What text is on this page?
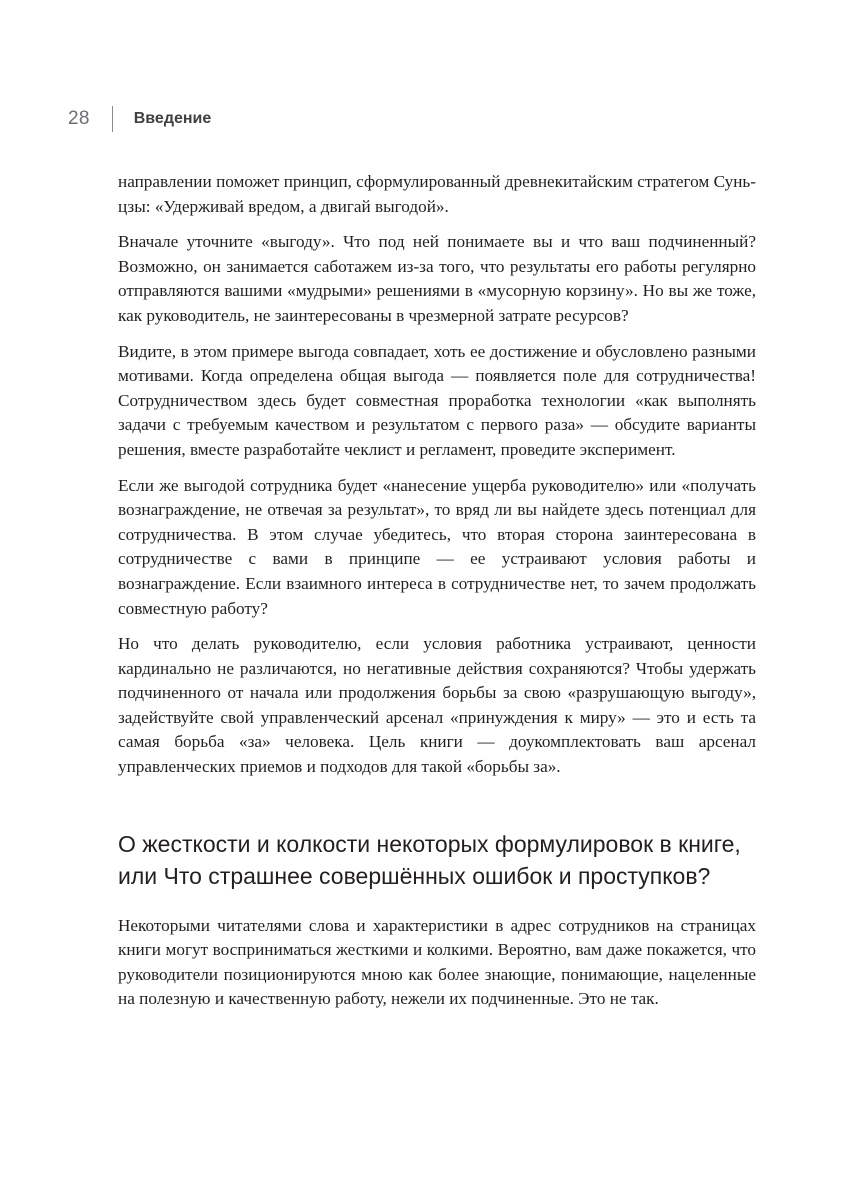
28	Введение

направлении поможет принцип, сформулированный древнекитайским стратегом Сунь-цзы: «Удерживай вредом, а двигай выгодой».

Вначале уточните «выгоду». Что под ней понимаете вы и что ваш подчиненный? Возможно, он занимается саботажем из-за того, что результаты его работы регулярно отправляются вашими «мудрыми» решениями в «мусорную корзину». Но вы же тоже, как руководитель, не заинтересованы в чрезмерной затрате ресурсов?

Видите, в этом примере выгода совпадает, хоть ее достижение и обусловлено разными мотивами. Когда определена общая выгода — появляется поле для сотрудничества! Сотрудничеством здесь будет совместная проработка технологии «как выполнять задачи с требуемым качеством и результатом с первого раза» — обсудите варианты решения, вместе разработайте чеклист и регламент, проведите эксперимент.

Если же выгодой сотрудника будет «нанесение ущерба руководителю» или «получать вознаграждение, не отвечая за результат», то вряд ли вы найдете здесь потенциал для сотрудничества. В этом случае убедитесь, что вторая сторона заинтересована в сотрудничестве с вами в принципе — ее устраивают условия работы и вознаграждение. Если взаимного интереса в сотрудничестве нет, то зачем продолжать совместную работу?

Но что делать руководителю, если условия работника устраивают, ценности кардинально не различаются, но негативные действия сохраняются? Чтобы удержать подчиненного от начала или продолжения борьбы за свою «разрушающую выгоду», задействуйте свой управленческий арсенал «принуждения к миру» — это и есть та самая борьба «за» человека. Цель книги — доукомплектовать ваш арсенал управленческих приемов и подходов для такой «борьбы за».

О жесткости и колкости некоторых формулировок в книге,
или Что страшнее совершённых ошибок и проступков?

Некоторыми читателями слова и характеристики в адрес сотрудников на страницах книги могут восприниматься жесткими и колкими. Вероятно, вам даже покажется, что руководители позиционируются мною как более знающие, понимающие, нацеленные на полезную и качественную работу, нежели их подчиненные. Это не так.
